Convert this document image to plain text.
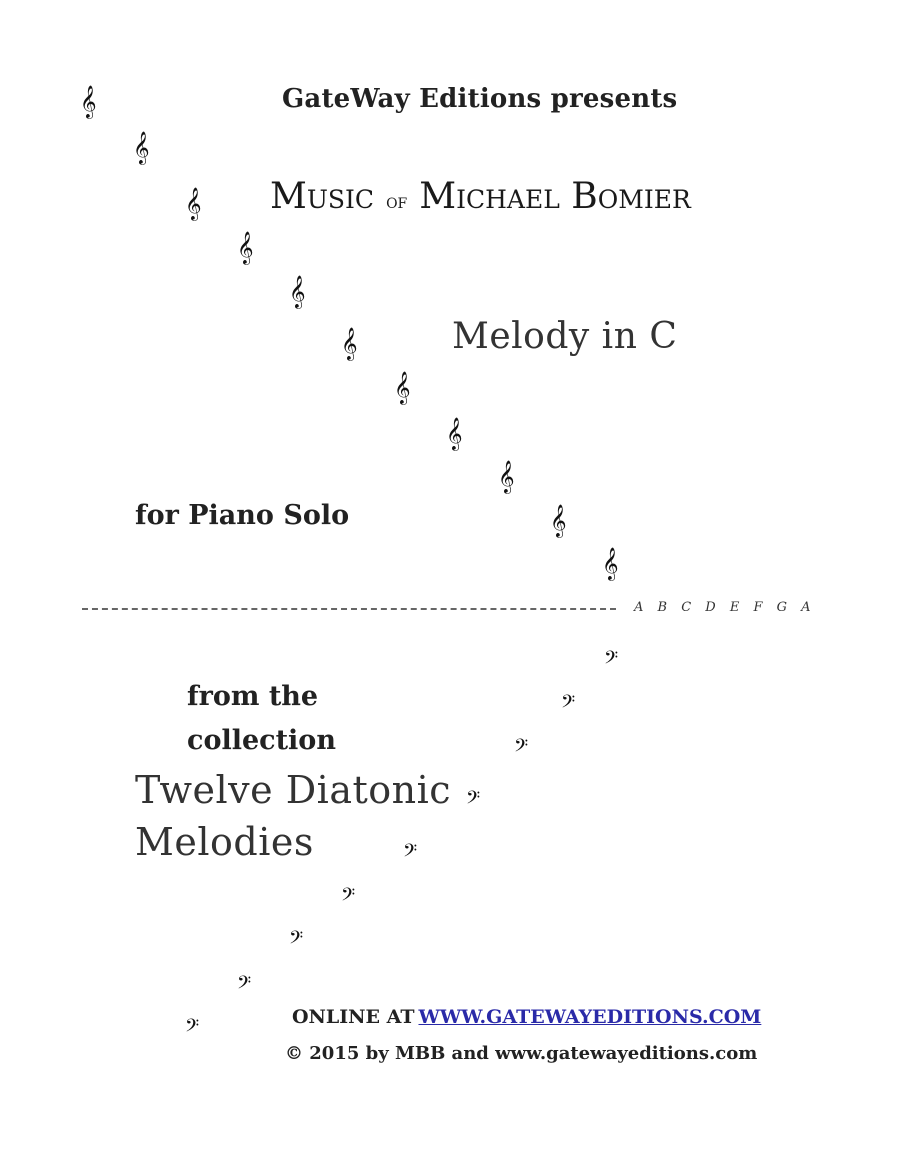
GateWay Editions presents
Music of Michael Bomier
Melody in C
for Piano Solo
A B C D E F G A
from the
collection
Twelve Diatonic
Melodies
ONLINE AT WWW.GATEWAYEDITIONS.COM
© 2015 by MBB and www.gatewayeditions.com
𝄞
𝄞
𝄞
𝄞
𝄞
𝄞
𝄞
𝄞
𝄞
𝄞
𝄞
𝄢
𝄢
𝄢
𝄢
𝄢
𝄢
𝄢
𝄢
𝄢
